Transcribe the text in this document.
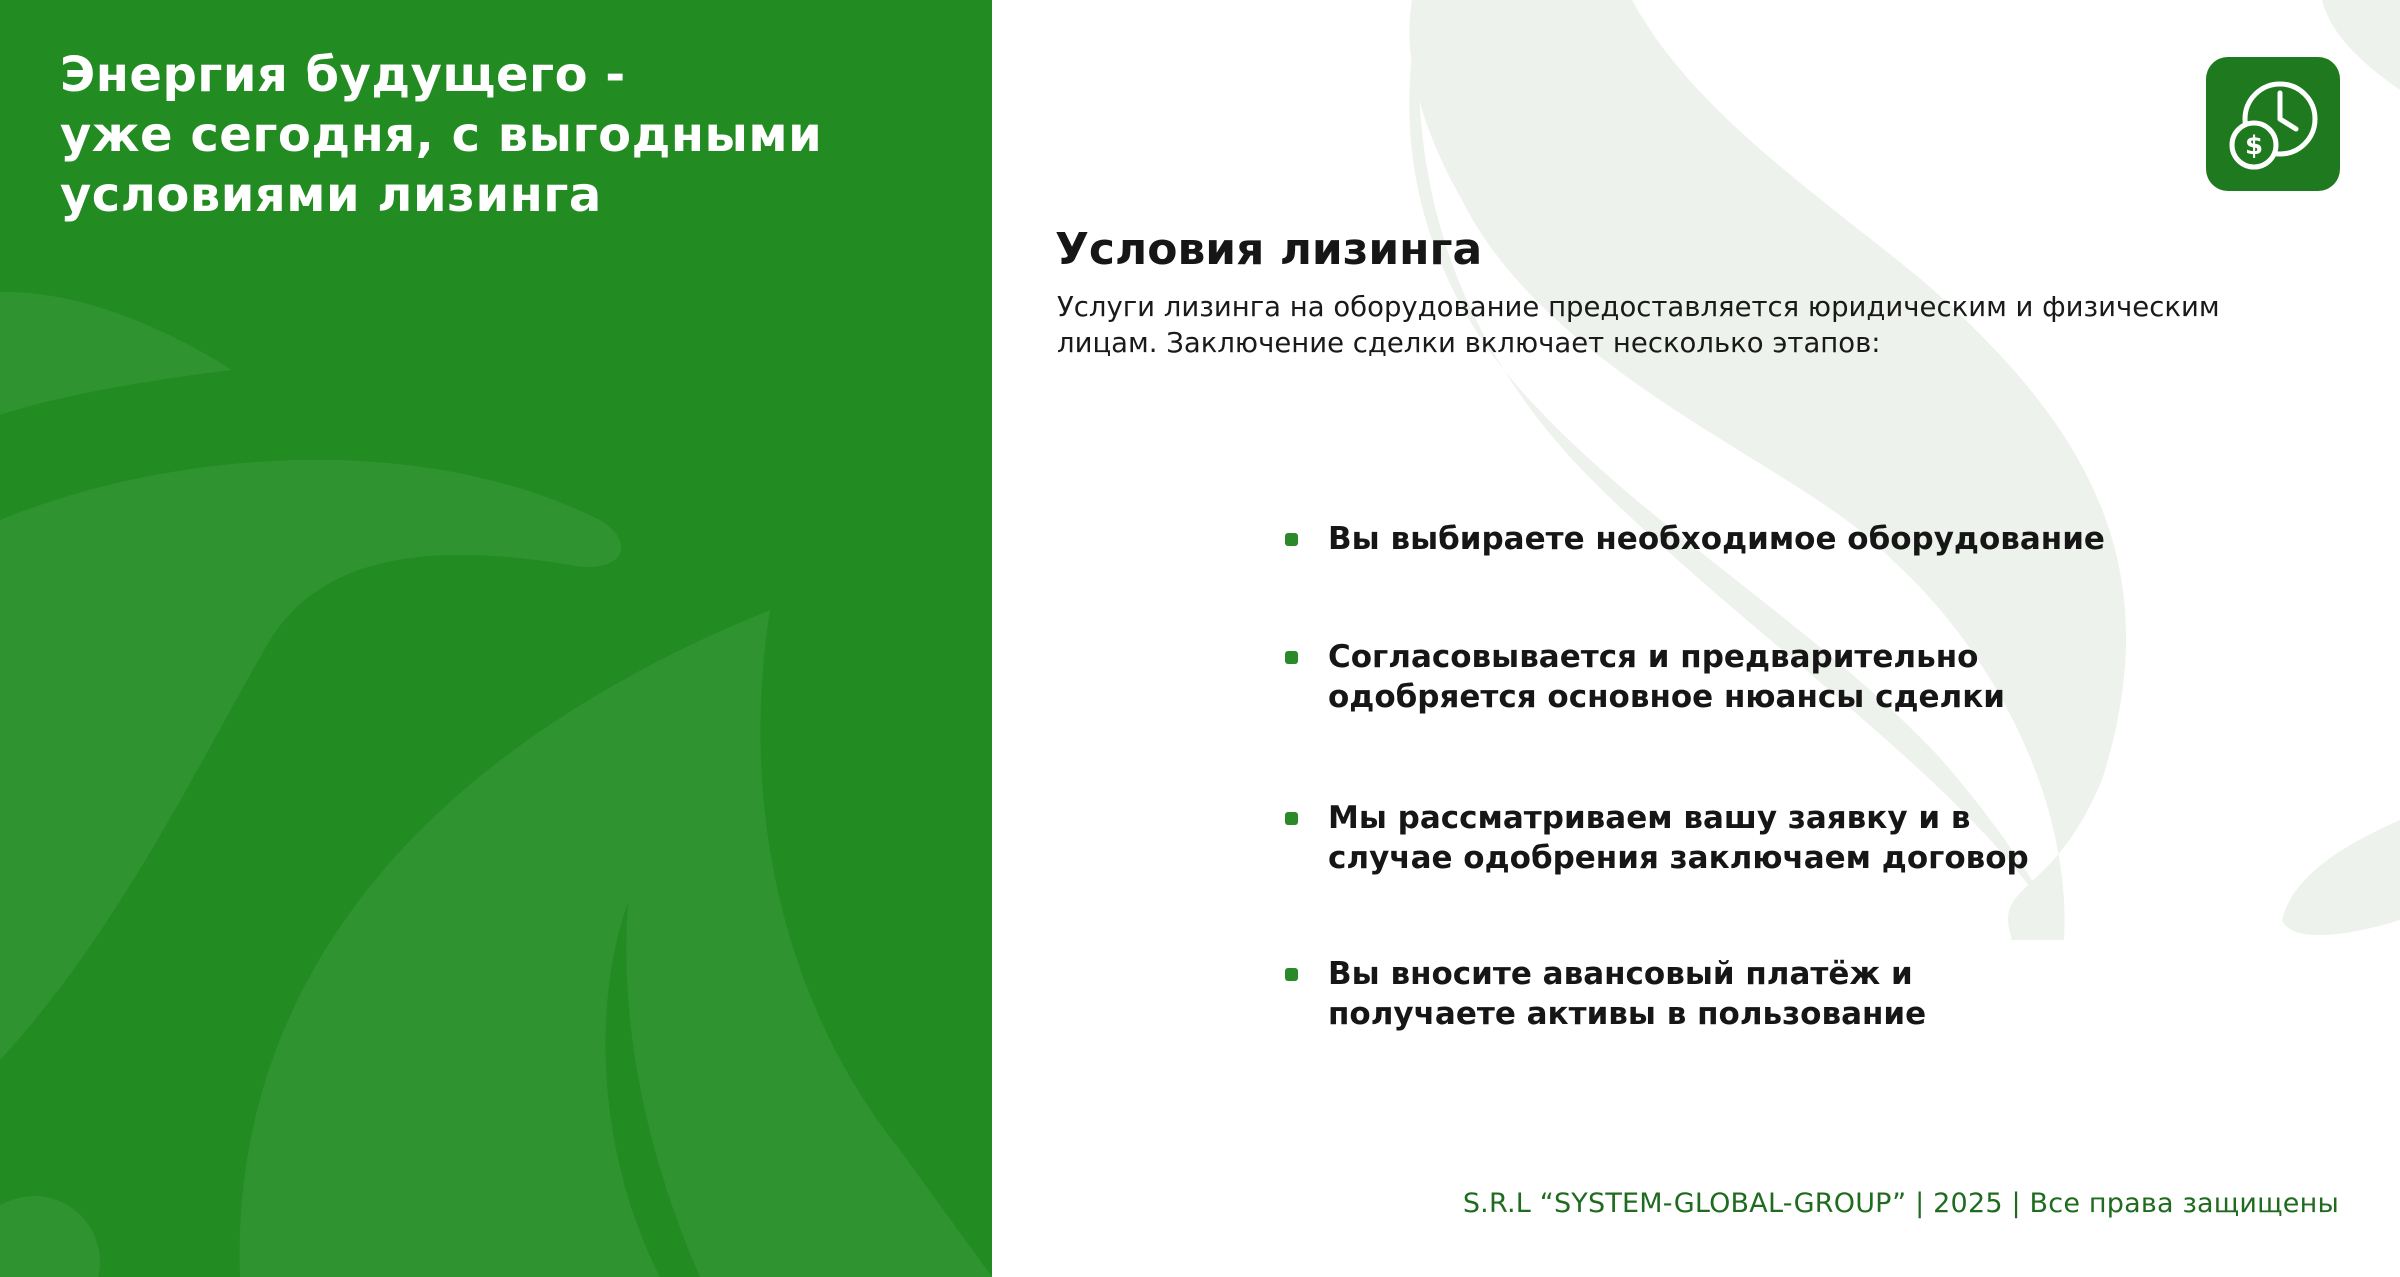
Энергия будущего -
уже сегодня, с выгодными
условиями лизинга
$
Условия лизинга

Услуги лизинга на оборудование предоставляется юридическим и физическим
лицам. Заключение сделки включает несколько этапов:

Вы выбираете необходимое оборудование

Согласовывается и предварительно
одобряется основное нюансы сделки

Мы рассматриваем вашу заявку и в
случае одобрения заключаем договор

Вы вносите авансовый платёж и
получаете активы в пользование

S.R.L “SYSTEM-GLOBAL-GROUP” | 2025 | Все права защищены
